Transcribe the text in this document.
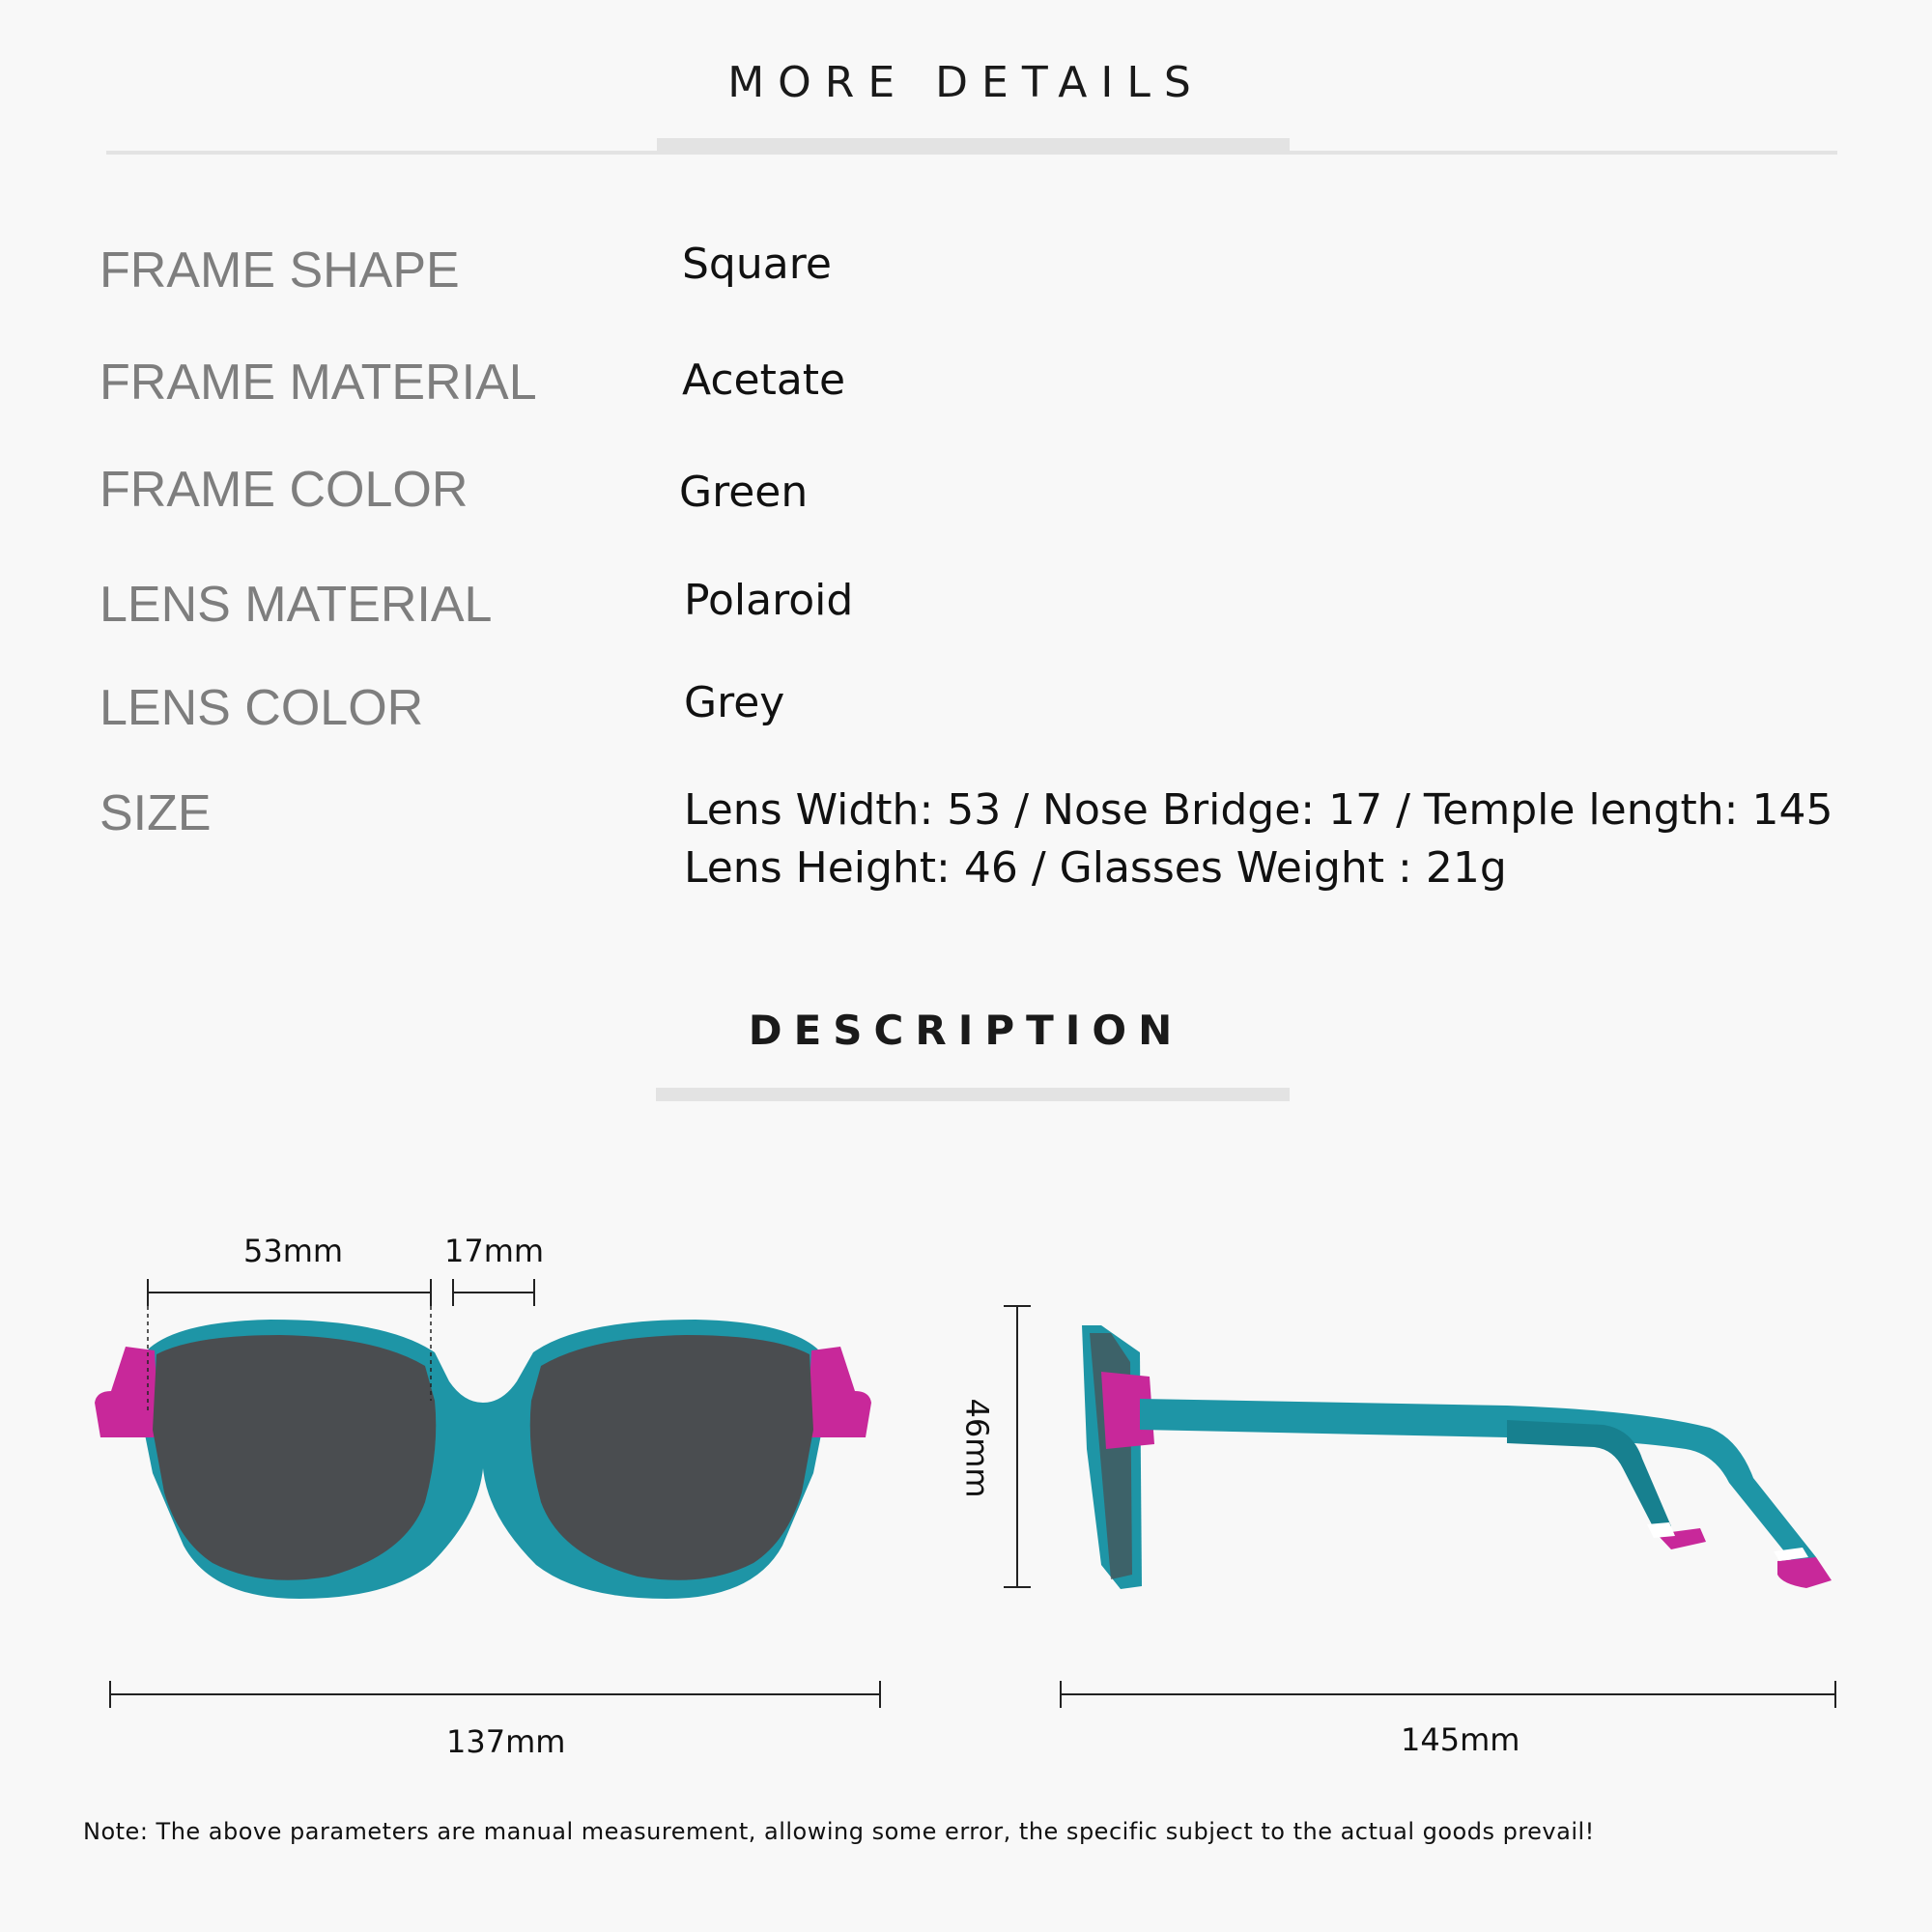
MORE DETAILS
FRAME SHAPE	Square
FRAME MATERIAL	Acetate
FRAME COLOR	Green
LENS MATERIAL	Polaroid
LENS COLOR	Grey
SIZE	Lens Width: 53 / Nose Bridge: 17 / Temple length: 145
Lens Height: 46 / Glasses Weight : 21g
DESCRIPTION
53mm	17mm
46mm
137mm	145mm
Note: The above parameters are manual measurement, allowing some error, the specific subject to the actual goods prevail!
